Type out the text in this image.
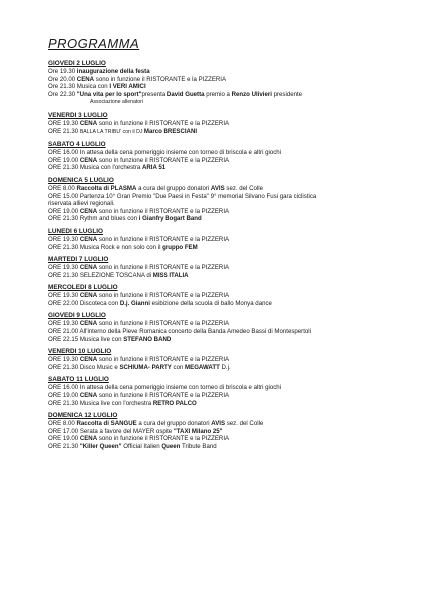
PROGRAMMA
GIOVEDI 2 LUGLIO
Ore 19.30 inaugurazione della festa
Ore 20.00 CENA sono in funzione il RISTORANTE e la PIZZERIA
Ore 21.30 Musica con I VERI AMICI
Ore 22.30 "Una vita per lo sport"presenta David Guetta premio a Renzo Ulivieri presidente
Associazione allenatori
VENERDI 3 LUGLIO
ORE 19.30 CENA sono in funzione il RISTORANTE e la PIZZERIA
ORE 21.30 BALLA LA TRIBU' con il DJ Marco BRESCIANI
SABATO 4 LUGLIO
ORE 16.00 In attesa della cena pomeriggio insieme con torneo di briscola e altri giochi
ORE 19.00 CENA sono in funzione il RISTORANTE e la PIZZERIA
ORE 21.30 Musica con l'orchestra ARIA 51
DOMENICA 5 LUGLIO
ORE 8.00 Raccolta di PLASMA a cura del gruppo donatori AVIS sez. del Colle
ORE 15.00 Partenza 10° Gran Premio "Due Paesi in Festa" 9° memorial Silvano Fusi gara ciclistica
riservata allievi regionali.
ORE 19.00 CENA sono in funzione il RISTORANTE e la PIZZERIA
ORE 21.30 Rythm and blues con i Gianfry Bogart Band
LUNEDI 6 LUGLIO
ORE 19.30 CENA sono in funzione il RISTORANTE e la PIZZERIA
ORE 21.30 Musica Rock e non solo con il gruppo FEM
MARTEDI 7 LUGLIO
ORE 19.30 CENA sono in funzione il RISTORANTE e la PIZZERIA
ORE 21.30 SELEZIONE TOSCANA di MISS ITALIA
MERCOLEDI 8 LUGLIO
ORE 19.30 CENA sono in funzione il RISTORANTE e la PIZZERIA
ORE 22.00 Discoteca con D.j. Gianni esibizione della scuola di ballo Monya dance
GIOVEDI 9 LUGLIO
ORE 19.30 CENA sono in funzione il RISTORANTE e la PIZZERIA
ORE 21.00 All'interno della Pieve Romanica concerto della Banda Amedeo Bassi di Montespertoli
ORE 22.15 Musica live con STEFANO BAND
VENERDI 10 LUGLIO
ORE 19.30 CENA sono in funzione il RISTORANTE e la PIZZERIA
ORE 21.30 Disco Music e SCHIUMA- PARTY con MEGAWATT D.j.
SABATO 11 LUGLIO
ORE 16.00 In attesa della cena pomeriggio insieme con torneo di briscola e altri giochi
ORE 19.00 CENA sono in funzione il RISTORANTE e la PIZZERIA
ORE 21.30 Musica live con l'orchestra RETRO PALCO
DOMENICA 12 LUGLIO
ORE 8.00 Raccolta di SANGUE a cura del gruppo donatori AVIS sez. del Colle
ORE 17.00 Serata a favore del MAYER ospite "TAXI Milano 25"
ORE 19.00 CENA sono in funzione il RISTORANTE e la PIZZERIA
ORE 21.30 "Killer Queen" Official Italien Queen Tribute Band
